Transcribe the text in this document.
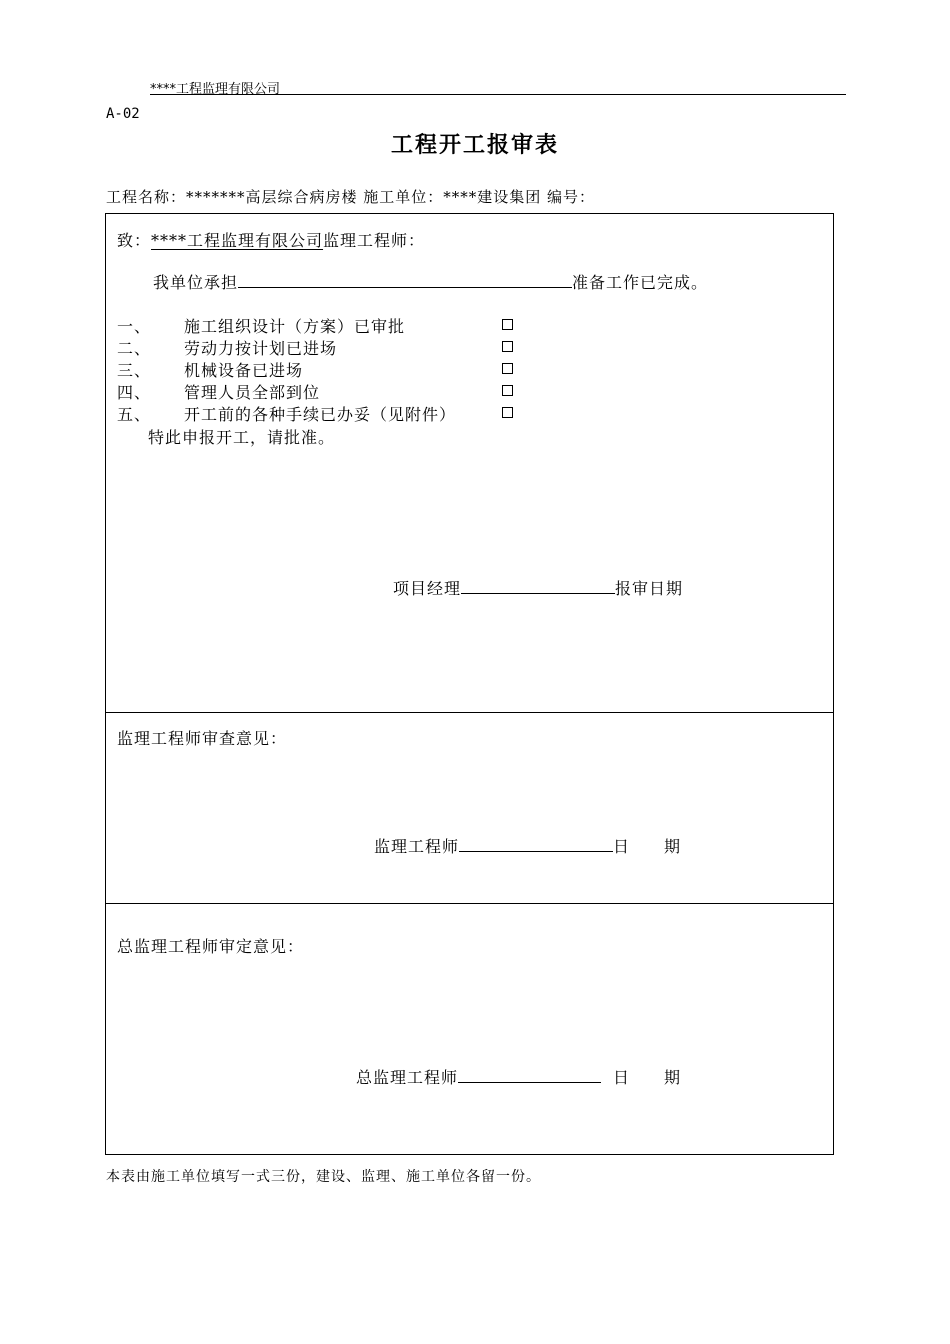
****工程监理有限公司
A-02
工程开工报审表
工程名称：*******高层综合病房楼 施工单位：****建设集团 编号：
致：****工程监理有限公司监理工程师：
我单位承担	准备工作已完成。
一、 施工组织设计（方案）已审批
二、 劳动力按计划已进场
三、 机械设备已进场
四、 管理人员全部到位
五、 开工前的各种手续已办妥（见附件）
特此申报开工，请批准。
项目经理	报审日期
监理工程师审查意见：
监理工程师	日　　期
总监理工程师审定意见：
总监理工程师	日　　期
本表由施工单位填写一式三份，建设、监理、施工单位各留一份。
